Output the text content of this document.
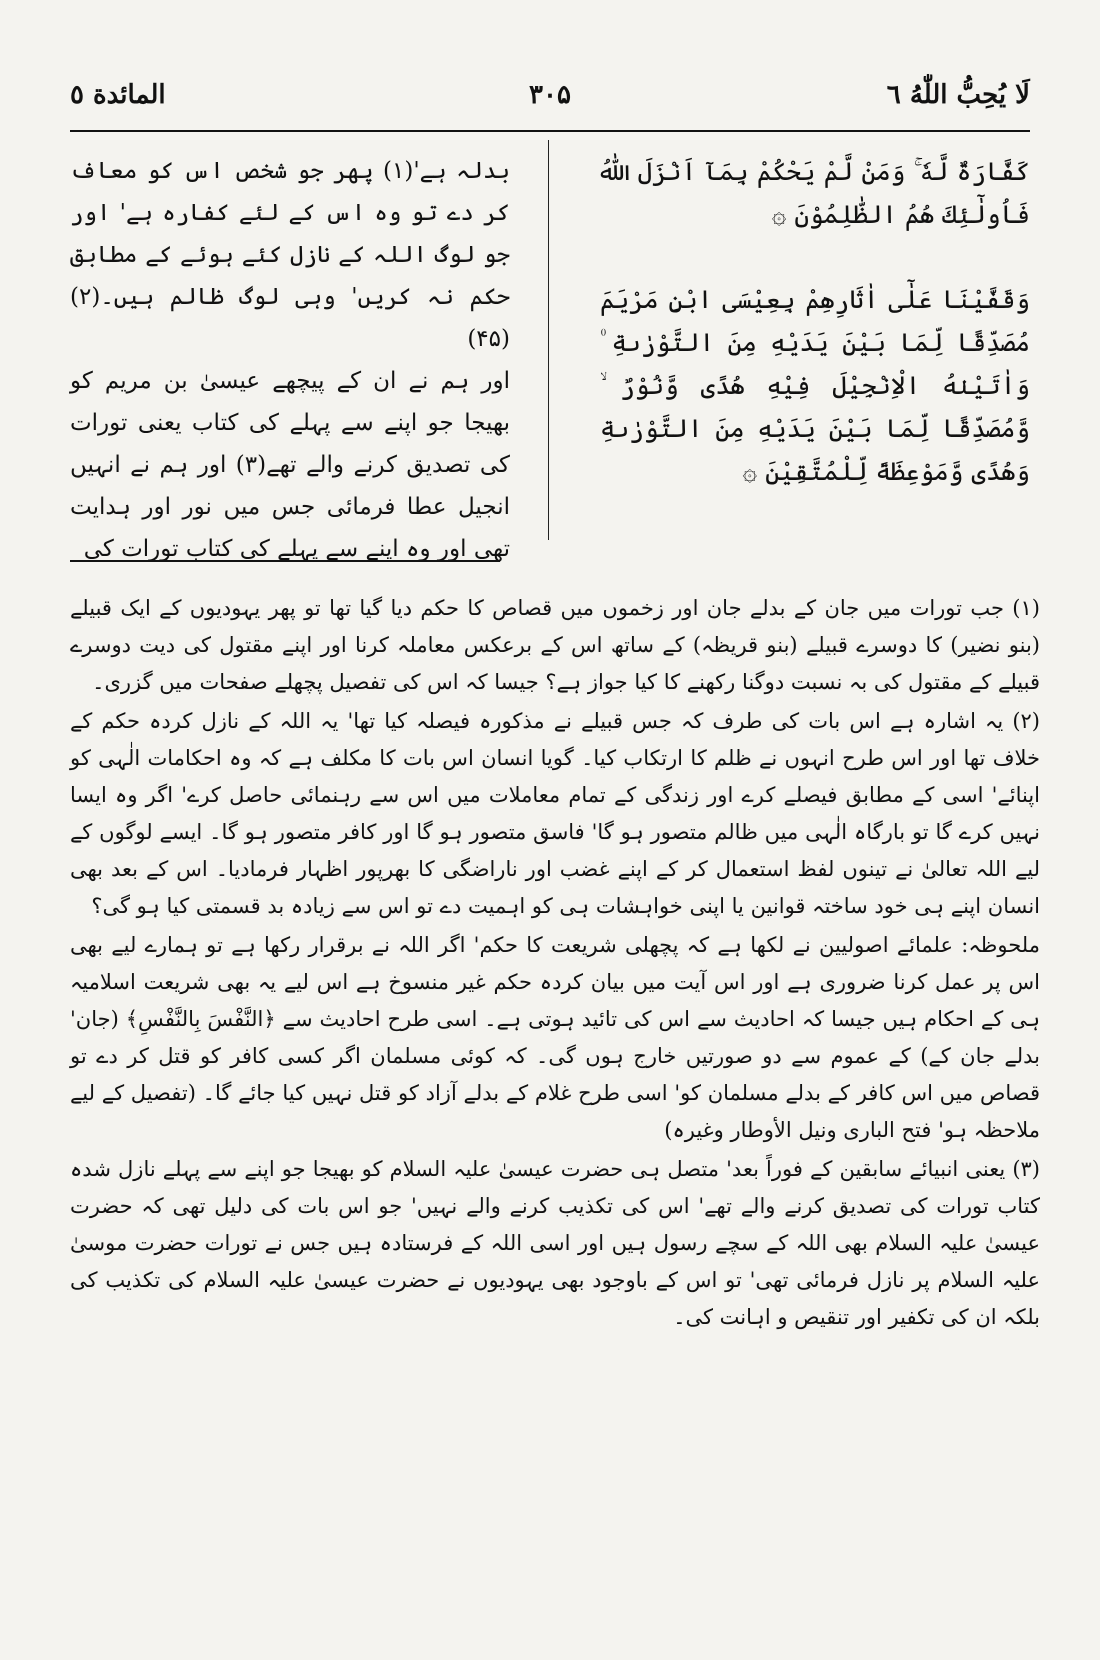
لَا یُحِبُّ اللّٰهُ ٦
۳۰۵
المائدة ٥

كَفَّارَةٌ لَّهٗ ۚ وَمَنْ لَّمْ يَحْكُمْ بِمَآ اَنْزَلَ اللّٰهُ فَاُولٰٓئِكَ هُمُ الظّٰلِمُوْنَ ۞

وَقَفَّيْنَا عَلٰٓى اٰثَارِهِمْ بِعِيْسَى ابْنِ مَرْيَمَ مُصَدِّقًا لِّمَا بَيْنَ يَدَيْهِ مِنَ التَّوْرٰىةِ ۠ وَاٰتَيْنٰهُ الْاِنْجِيْلَ فِيْهِ هُدًى وَّنُوْرٌ ۙ وَّمُصَدِّقًا لِّمَا بَيْنَ يَدَيْهِ مِنَ التَّوْرٰىةِ وَهُدًى وَّمَوْعِظَةً لِّلْمُتَّقِيْنَ ۞

بدلہ ہے'(۱) پھر جو شخص اس کو معاف کر دے تو وہ اس کے لئے کفارہ ہے' اور جو لوگ اللہ کے نازل کئے ہوئے کے مطابق حکم نہ کریں' وہی لوگ ظالم ہیں۔(۲) (۴۵)

اور ہم نے ان کے پیچھے عیسیٰ بن مریم کو بھیجا جو اپنے سے پہلے کی کتاب یعنی تورات کی تصدیق کرنے والے تھے(۳) اور ہم نے انہیں انجیل عطا فرمائی جس میں نور اور ہدایت تھی اور وہ اپنے سے پہلے کی کتاب تورات کی

(۱) جب تورات میں جان کے بدلے جان اور زخموں میں قصاص کا حکم دیا گیا تھا تو پھر یہودیوں کے ایک قبیلے (بنو نضیر) کا دوسرے قبیلے (بنو قریظہ) کے ساتھ اس کے برعکس معاملہ کرنا اور اپنے مقتول کی دیت دوسرے قبیلے کے مقتول کی بہ نسبت دوگنا رکھنے کا کیا جواز ہے؟ جیسا کہ اس کی تفصیل پچھلے صفحات میں گزری۔

(۲) یہ اشارہ ہے اس بات کی طرف کہ جس قبیلے نے مذکورہ فیصلہ کیا تھا' یہ اللہ کے نازل کردہ حکم کے خلاف تھا اور اس طرح انہوں نے ظلم کا ارتکاب کیا۔ گویا انسان اس بات کا مکلف ہے کہ وہ احکامات الٰہی کو اپنائے' اسی کے مطابق فیصلے کرے اور زندگی کے تمام معاملات میں اس سے رہنمائی حاصل کرے' اگر وہ ایسا نہیں کرے گا تو بارگاہ الٰہی میں ظالم متصور ہو گا' فاسق متصور ہو گا اور کافر متصور ہو گا۔ ایسے لوگوں کے لیے اللہ تعالیٰ نے تینوں لفظ استعمال کر کے اپنے غضب اور ناراضگی کا بھرپور اظہار فرمادیا۔ اس کے بعد بھی انسان اپنے ہی خود ساختہ قوانین یا اپنی خواہشات ہی کو اہمیت دے تو اس سے زیادہ بد قسمتی کیا ہو گی؟

ملحوظہ: علمائے اصولیین نے لکھا ہے کہ پچھلی شریعت کا حکم' اگر اللہ نے برقرار رکھا ہے تو ہمارے لیے بھی اس پر عمل کرنا ضروری ہے اور اس آیت میں بیان کردہ حکم غیر منسوخ ہے اس لیے یہ بھی شریعت اسلامیہ ہی کے احکام ہیں جیسا کہ احادیث سے اس کی تائید ہوتی ہے۔ اسی طرح احادیث سے ﴿النَّفْسَ بِالنَّفْسِ﴾ (جان' بدلے جان کے) کے عموم سے دو صورتیں خارج ہوں گی۔ کہ کوئی مسلمان اگر کسی کافر کو قتل کر دے تو قصاص میں اس کافر کے بدلے مسلمان کو' اسی طرح غلام کے بدلے آزاد کو قتل نہیں کیا جائے گا۔ (تفصیل کے لیے ملاحظہ ہو' فتح الباری ونیل الأوطار وغیرہ)

(۳) یعنی انبیائے سابقین کے فوراً بعد' متصل ہی حضرت عیسیٰ علیہ السلام کو بھیجا جو اپنے سے پہلے نازل شدہ کتاب تورات کی تصدیق کرنے والے تھے' اس کی تکذیب کرنے والے نہیں' جو اس بات کی دلیل تھی کہ حضرت عیسیٰ علیہ السلام بھی اللہ کے سچے رسول ہیں اور اسی اللہ کے فرستادہ ہیں جس نے تورات حضرت موسیٰ علیہ السلام پر نازل فرمائی تھی' تو اس کے باوجود بھی یہودیوں نے حضرت عیسیٰ علیہ السلام کی تکذیب کی بلکہ ان کی تکفیر اور تنقیص و اہانت کی۔
